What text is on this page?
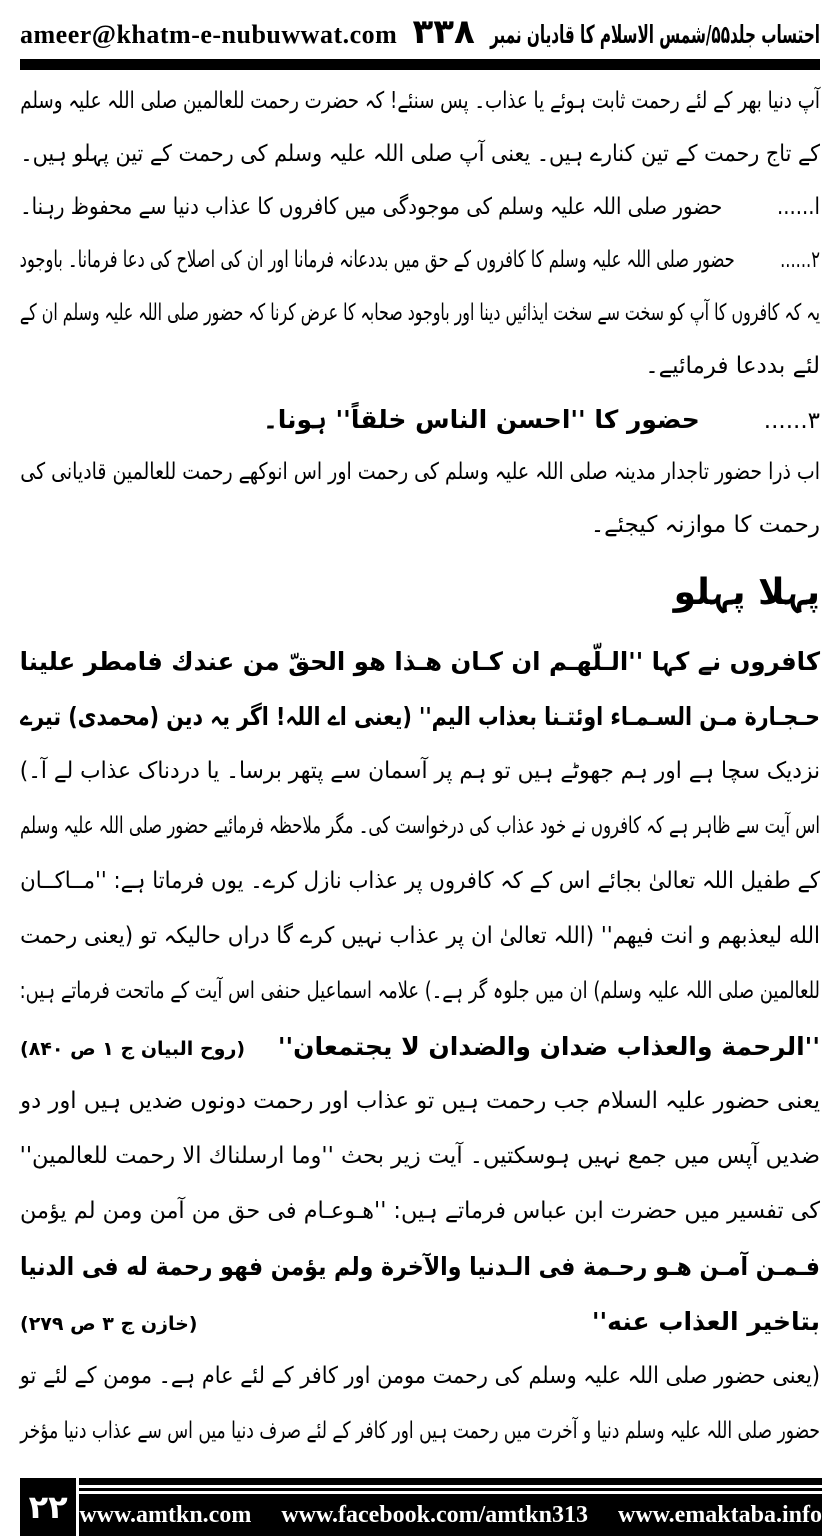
ameer@khatm-e-nubuwwat.com ۳۳۸ احتساب جلد۵۵/شمس الاسلام کا قادیان نمبر
آپ دنیا بھر کے لئے رحمت ثابت ہوئے یا عذاب۔ پس سنئے! کہ حضرت رحمت للعالمین صلی اللہ علیہ وسلم
کے تاج رحمت کے تین کنارے ہیں۔ یعنی آپ صلی اللہ علیہ وسلم کی رحمت کے تین پہلو ہیں۔
ا......حضور صلی اللہ علیہ وسلم کی موجودگی میں کافروں کا عذاب دنیا سے محفوظ رہنا۔
۲......حضور صلی اللہ علیہ وسلم کا کافروں کے حق میں بددعانہ فرمانا اور ان کی اصلاح کی دعا فرمانا۔ باوجود
یہ کہ کافروں کا آپ کو سخت سے سخت ایذائیں دینا اور باوجود صحابہ کا عرض کرنا کہ حضور صلی اللہ علیہ وسلم ان کے
لئے بددعا فرمائیے۔
۳......حضور کا ''احسن الناس خلقاً'' ہونا۔
اب ذرا حضور تاجدار مدینہ صلی اللہ علیہ وسلم کی رحمت اور اس انوکھے رحمت للعالمین قادیانی کی
رحمت کا موازنہ کیجئے۔
پہلا پہلو
کافروں نے کہا ''الـلّهـم ان كـان هـذا هو الحقّ من عندك فامطر علينا
حـجـارة مـن السـمـاء اوئتـنا بعذاب اليم'' (یعنی اے اللہ! اگر یہ دین (محمدی) تیرے
نزدیک سچا ہے اور ہم جھوٹے ہیں تو ہم پر آسمان سے پتھر برسا۔ یا دردناک عذاب لے آ۔)
اس آیت سے ظاہر ہے کہ کافروں نے خود عذاب کی درخواست کی۔ مگر ملاحظہ فرمائیے حضور صلی اللہ علیہ وسلم
کے طفیل اللہ تعالیٰ بجائے اس کے کہ کافروں پر عذاب نازل کرے۔ یوں فرماتا ہے: ''مــاكــان
الله ليعذبهم و انت فيهم'' (اللہ تعالیٰ ان پر عذاب نہیں کرے گا دراں حالیکہ تو (یعنی رحمت
للعالمین صلی اللہ علیہ وسلم) ان میں جلوہ گر ہے۔) علامہ اسماعیل حنفی اس آیت کے ماتحت فرماتے ہیں:
''الرحمة والعذاب ضدان والضدان لا يجتمعان''
(روح البیان ج ۱ ص ۸۴۰)
یعنی حضور علیہ السلام جب رحمت ہیں تو عذاب اور رحمت دونوں ضدیں ہیں اور دو
ضدیں آپس میں جمع نہیں ہوسکتیں۔ آیت زیر بحث ''وما ارسلناك الا رحمت للعالمين''
کی تفسیر میں حضرت ابن عباس فرماتے ہیں: ''هـوعـام فى حق من آمن ومن لم يؤمن
فـمـن آمـن هـو رحـمة فى الـدنيا والآخرة ولم يؤمن فهو رحمة له فى الدنيا
بتاخير العذاب عنه''
(خازن ج ۳ ص ۲۷۹)
(یعنی حضور صلی اللہ علیہ وسلم کی رحمت مومن اور کافر کے لئے عام ہے۔ مومن کے لئے تو
حضور صلی اللہ علیہ وسلم دنیا و آخرت میں رحمت ہیں اور کافر کے لئے صرف دنیا میں اس سے عذاب دنیا مؤخر
۲۲ www.amtkn.com  www.facebook.com/amtkn313  www.emaktaba.info
